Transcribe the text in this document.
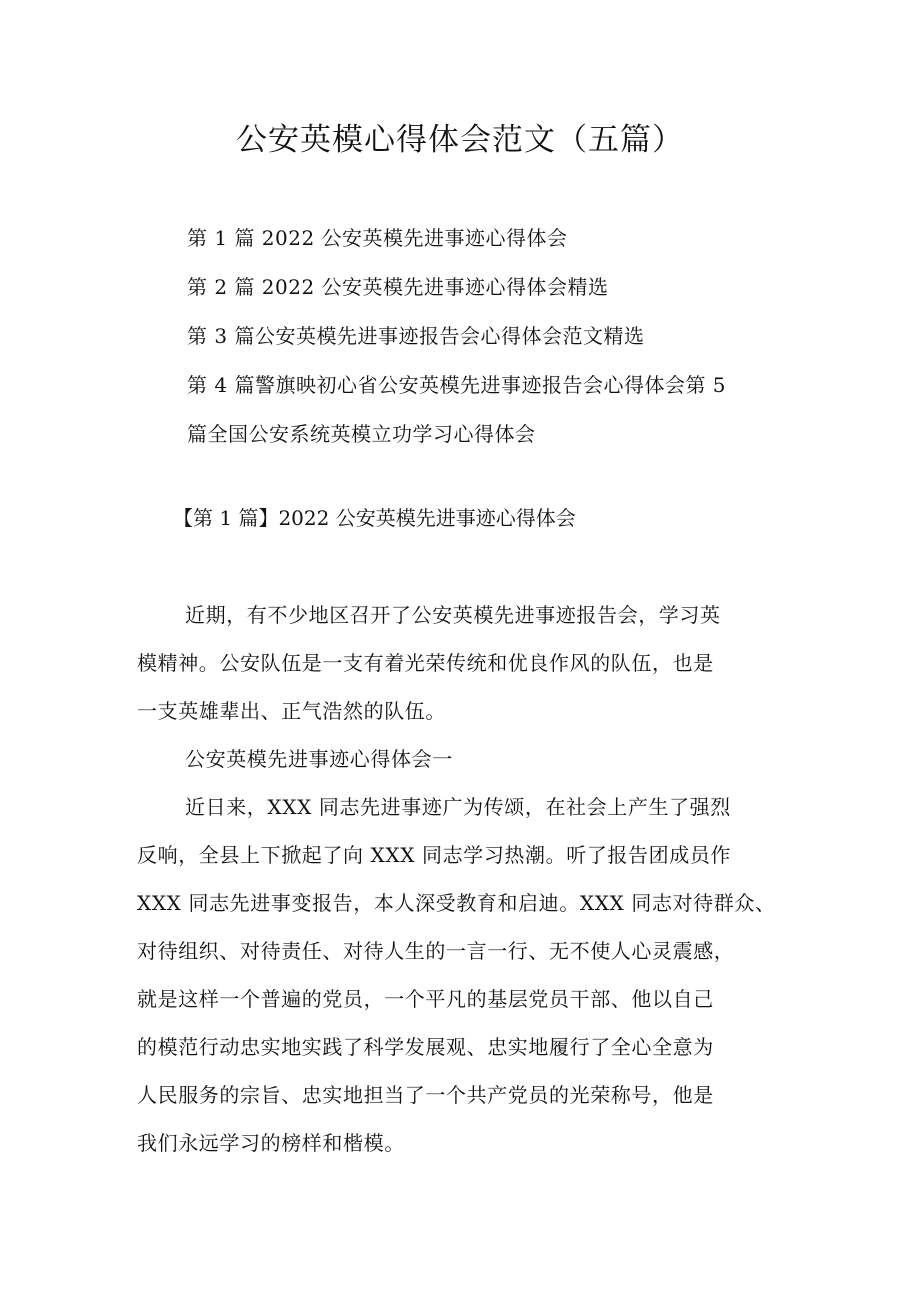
公安英模心得体会范文（五篇）
第 1 篇 2022 公安英模先进事迹心得体会
第 2 篇 2022 公安英模先进事迹心得体会精选
第 3 篇公安英模先进事迹报告会心得体会范文精选
第 4 篇警旗映初心省公安英模先进事迹报告会心得体会第 5
篇全国公安系统英模立功学习心得体会
【第 1 篇】2022 公安英模先进事迹心得体会
近期，有不少地区召开了公安英模先进事迹报告会，学习英
模精神。公安队伍是一支有着光荣传统和优良作风的队伍，也是
一支英雄辈出、正气浩然的队伍。
公安英模先进事迹心得体会一
近日来，XXX 同志先进事迹广为传颂，在社会上产生了强烈
反响，全县上下掀起了向 XXX 同志学习热潮。听了报告团成员作
XXX 同志先进事变报告，本人深受教育和启迪。XXX 同志对待群众、
对待组织、对待责任、对待人生的一言一行、无不使人心灵震感，
就是这样一个普遍的党员，一个平凡的基层党员干部、他以自己
的模范行动忠实地实践了科学发展观、忠实地履行了全心全意为
人民服务的宗旨、忠实地担当了一个共产党员的光荣称号，他是
我们永远学习的榜样和楷模。
